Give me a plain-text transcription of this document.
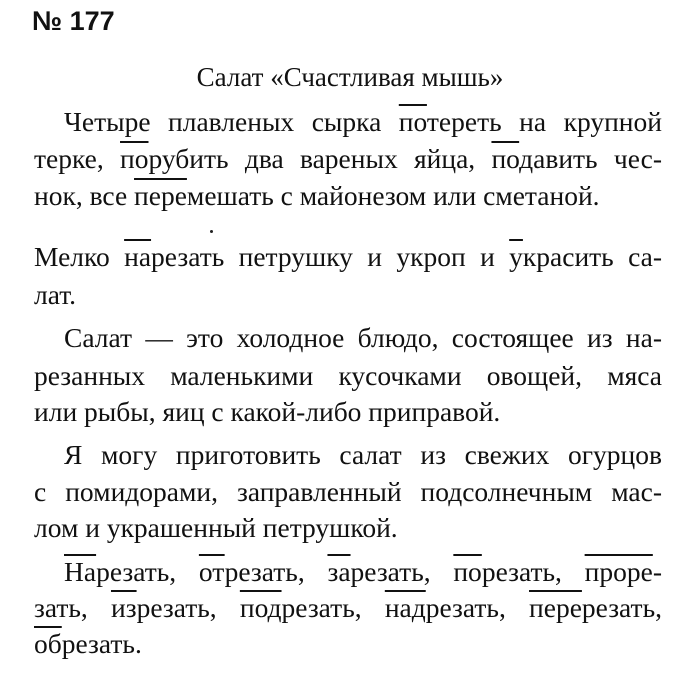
№ 177
Салат «Счастливая мышь»
Четыре плавленых сырка потереть на крупной
терке, порубить два вареных яйца, подавить чес-
нок, все перемешать с майонезом или сметаной.
Мелко нарезать петрушку и укроп и украсить са-
лат.
Салат — это холодное блюдо, состоящее из на-
резанных маленькими кусочками овощей, мяса
или рыбы, яиц с какой-либо приправой.
Я могу приготовить салат из свежих огурцов
с помидорами, заправленный подсолнечным мас-
лом и украшенный петрушкой.
Нарезать, отрезать, зарезать, порезать, проре-
зать, изрезать, подрезать, надрезать, перерезать,
обрезать.
